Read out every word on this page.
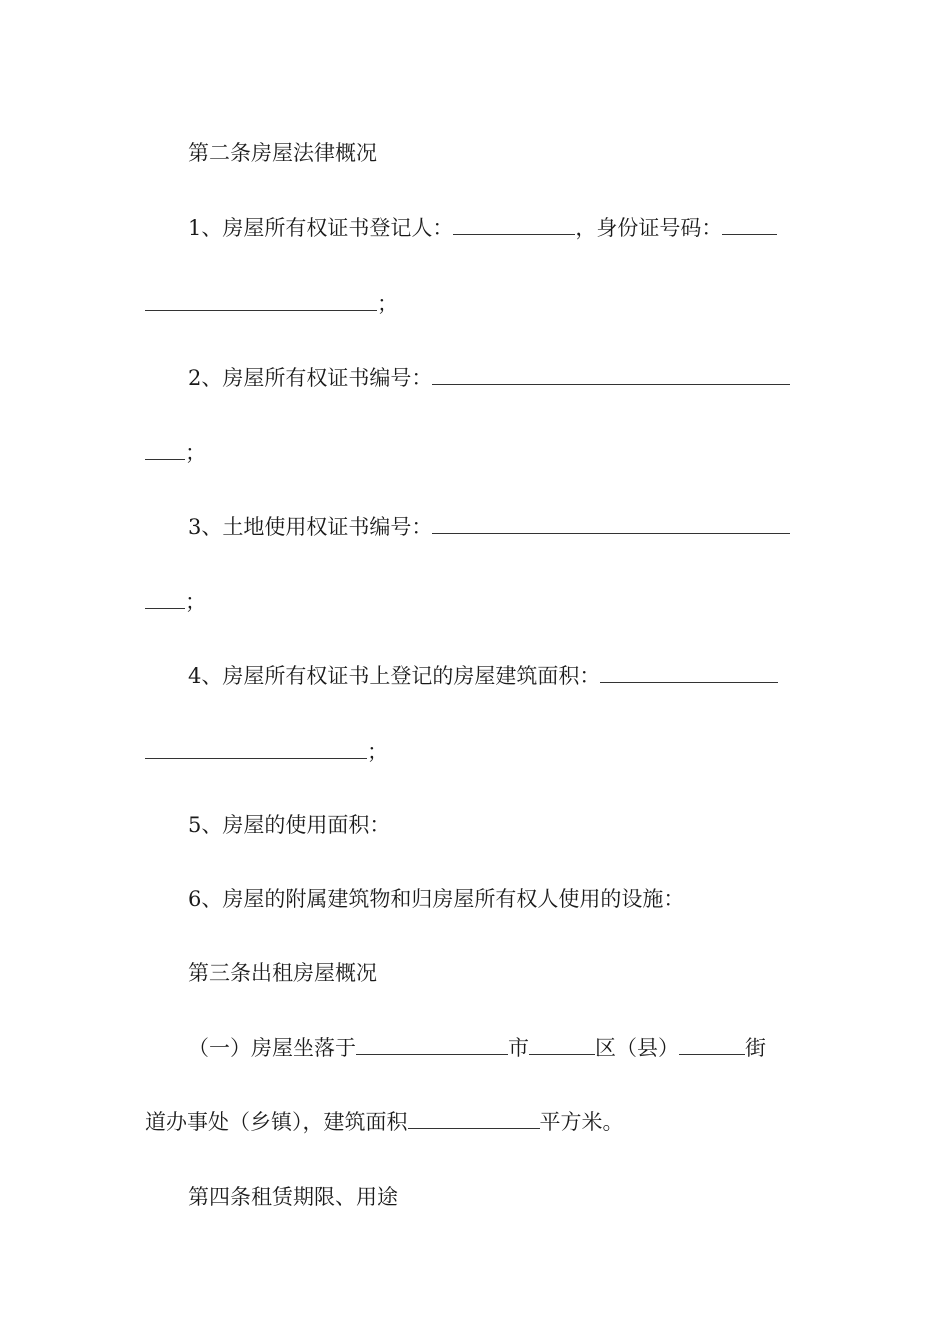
第二条房屋法律概况
1、房屋所有权证书登记人：	，身份证号码：
；
2、房屋所有权证书编号：
；
3、土地使用权证书编号：
；
4、房屋所有权证书上登记的房屋建筑面积：
；
5、房屋的使用面积：
6、房屋的附属建筑物和归房屋所有权人使用的设施：
第三条出租房屋概况
（一）房屋坐落于	市	区（县）	街
道办事处（乡镇），建筑面积	平方米。
第四条租赁期限、用途
